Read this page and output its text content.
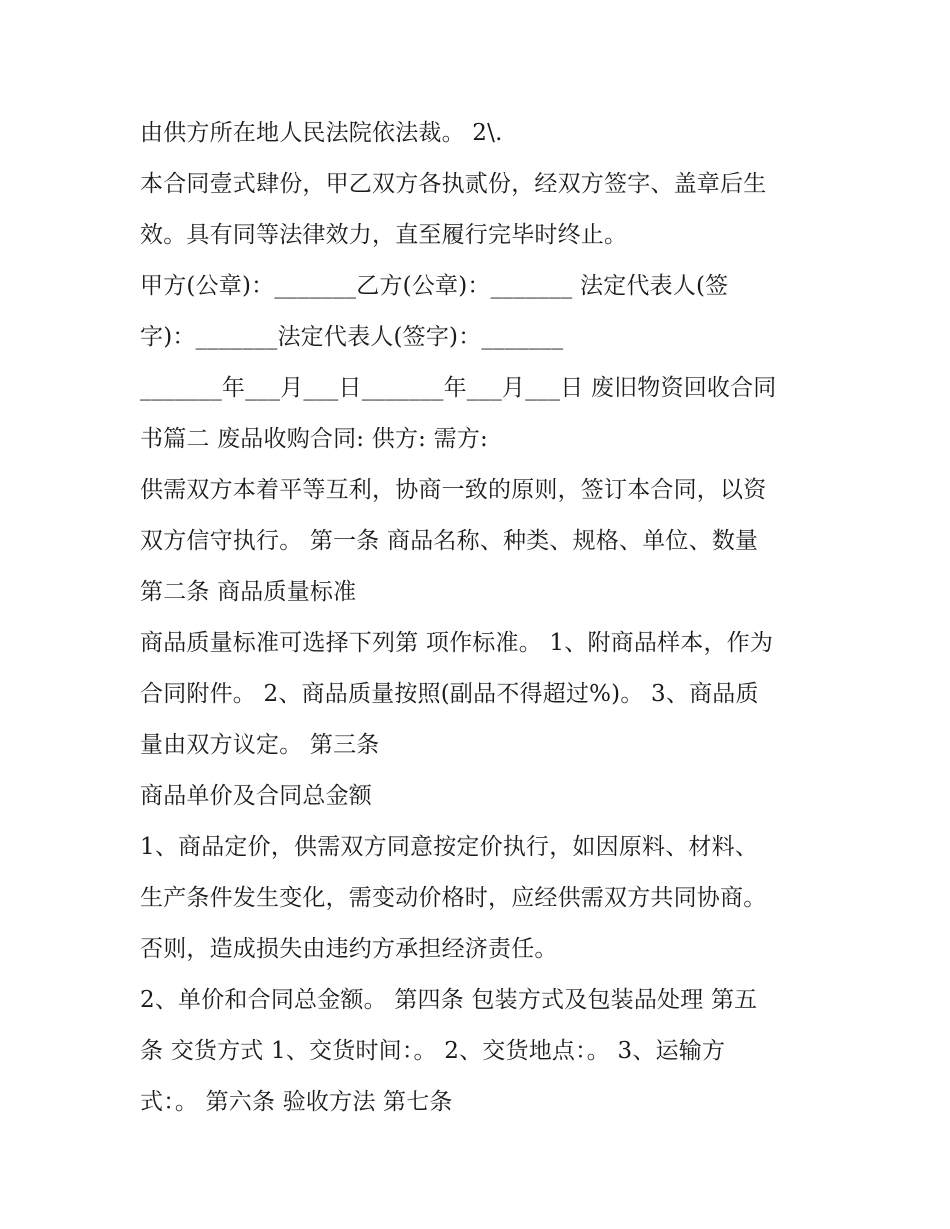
由供方所在地人民法院依法裁。 2\.
本合同壹式肆份，甲乙双方各执贰份，经双方签字、盖章后生
效。具有同等法律效力，直至履行完毕时终止。
甲方(公章)：_______乙方(公章)：_______ 法定代表人(签
字)：_______法定代表人(签字)：_______
_______年___月___日_______年___月___日 废旧物资回收合同
书篇二 废品收购合同: 供方: 需方:
供需双方本着平等互利，协商一致的原则，签订本合同，以资
双方信守执行。 第一条 商品名称、种类、规格、单位、数量
第二条 商品质量标准
商品质量标准可选择下列第 项作标准。 1、附商品样本，作为
合同附件。 2、商品质量按照(副品不得超过%)。 3、商品质
量由双方议定。 第三条
商品单价及合同总金额
1、商品定价，供需双方同意按定价执行，如因原料、材料、
生产条件发生变化，需变动价格时，应经供需双方共同协商。
否则，造成损失由违约方承担经济责任。
2、单价和合同总金额。 第四条 包装方式及包装品处理 第五
条 交货方式 1、交货时间：。 2、交货地点：。 3、运输方
式：。 第六条 验收方法 第七条
